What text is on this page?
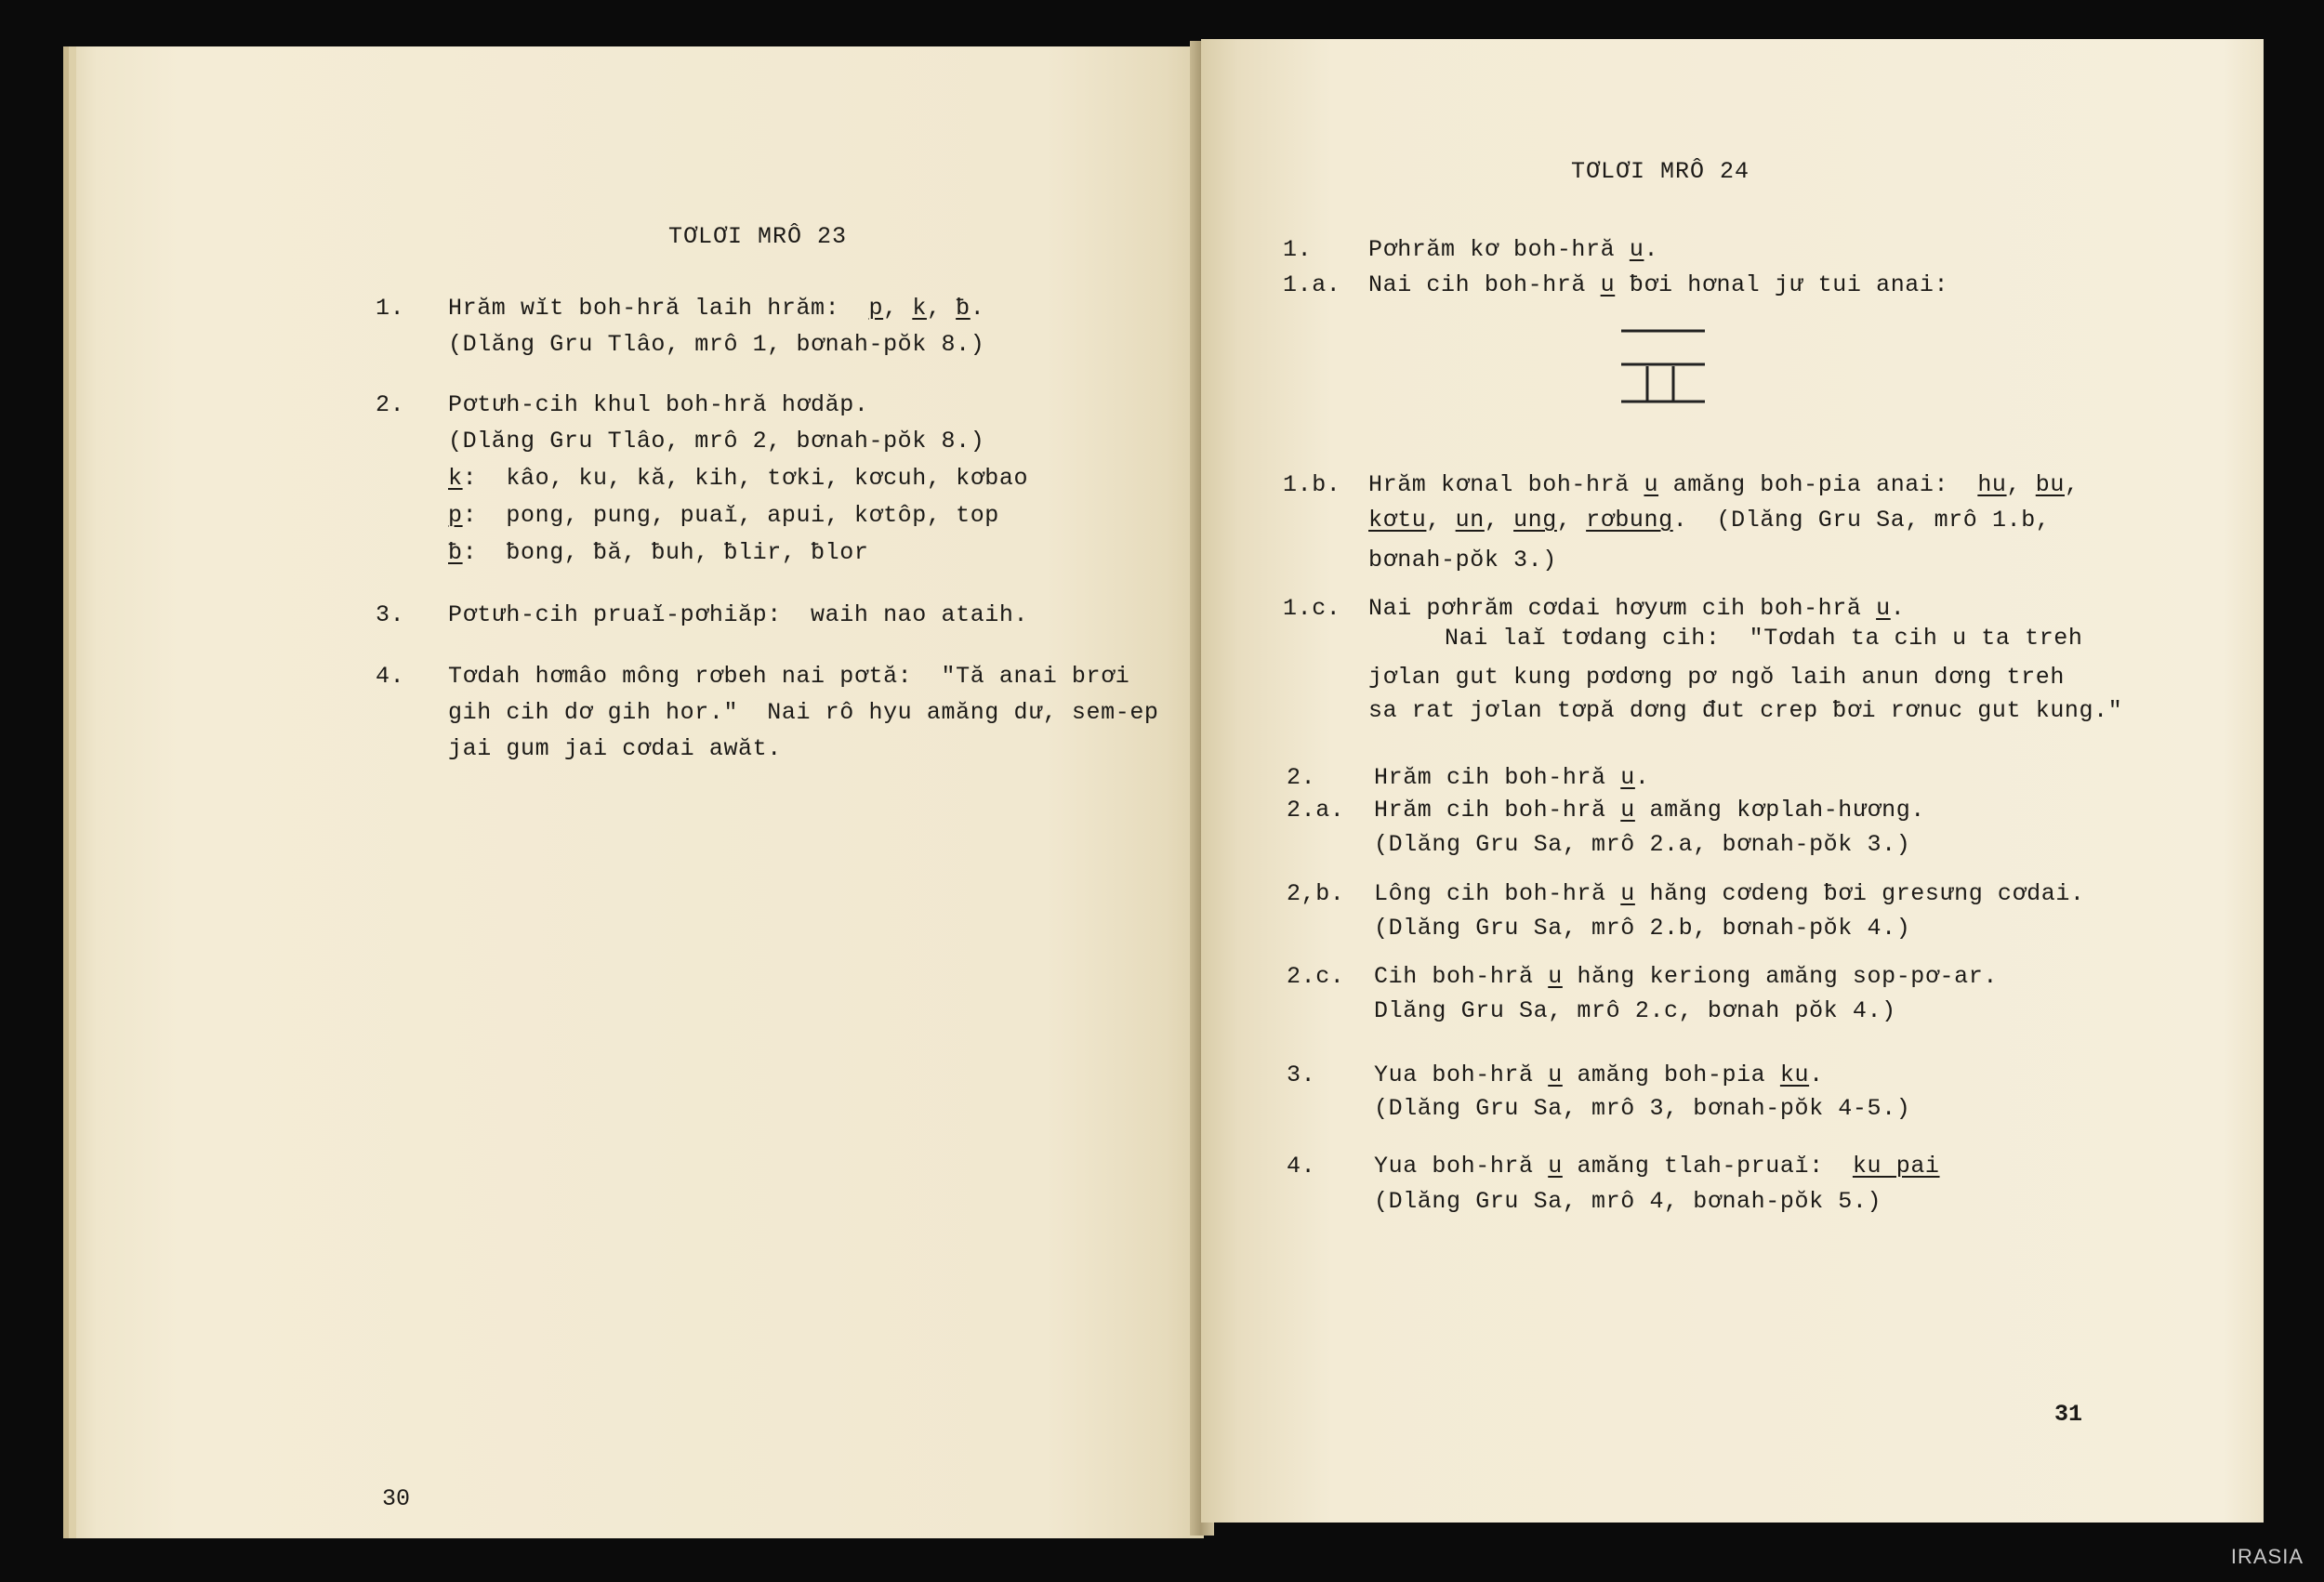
TƠLƠI MRÔ 23
1. Hrăm wĭt boh-hră laih hrăm: p, k, ƀ.
(Dlăng Gru Tlâo, mrô 1, bơnah-pŏk 8.)
2. Pơtưh-cih khul boh-hră hơdăp.
(Dlăng Gru Tlâo, mrô 2, bơnah-pŏk 8.)
k:  kâo, ku, kă, kih, tơki, kơcuh, kơbao
p:  pong, pung, puaĭ, apui, kơtôp, top
ƀ:  ƀong, ƀă, ƀuh, ƀlir, ƀlor
3. Pơtưh-cih pruaĭ-pơhiăp:  waih nao ataih.
4. Tơdah hơmâo mông rơbeh nai pơtă:  "Tă anai brơi
gih cih dơ gih hor."  Nai rô hyu amăng dư, sem-ep
jai gum jai cơdai awăt.
30
TƠLƠI MRÔ 24
1. Pơhrăm kơ boh-hră u.
1.a. Nai cih boh-hră u ƀơi hơnal jư tui anai:
1.b. Hrăm kơnal boh-hră u amăng boh-pia anai:  hu, bu,
kơtu, un, ung, rơbung.  (Dlăng Gru Sa, mrô 1.b,
bơnah-pŏk 3.)
1.c. Nai pơhrăm cơdai hơyưm cih boh-hră u.
Nai laĭ tơdang cih:  "Tơdah ta cih u ta treh
jơlan gut kung pơdơng pơ ngŏ laih anun dơng treh
sa rat jơlan tơpă dơng đut crep ƀơi rơnuc gut kung."
2.	Hrăm cih boh-hră u.
2.a. Hrăm cih boh-hră u amăng kơplah-hương.
(Dlăng Gru Sa, mrô 2.a, bơnah-pŏk 3.)
2,b. Lông cih boh-hră u hăng cơdeng ƀơi gresưng cơdai.
(Dlăng Gru Sa, mrô 2.b, bơnah-pŏk 4.)
2.c. Cih boh-hră u hăng keriong amăng sop-pơ-ar.
Dlăng Gru Sa, mrô 2.c, bơnah pŏk 4.)
3.	Yua boh-hră u amăng boh-pia ku.
(Dlăng Gru Sa, mrô 3, bơnah-pŏk 4-5.)
4.	Yua boh-hră u amăng tlah-pruaĭ:  ku pai
(Dlăng Gru Sa, mrô 4, bơnah-pŏk 5.)
31
IRASIA
